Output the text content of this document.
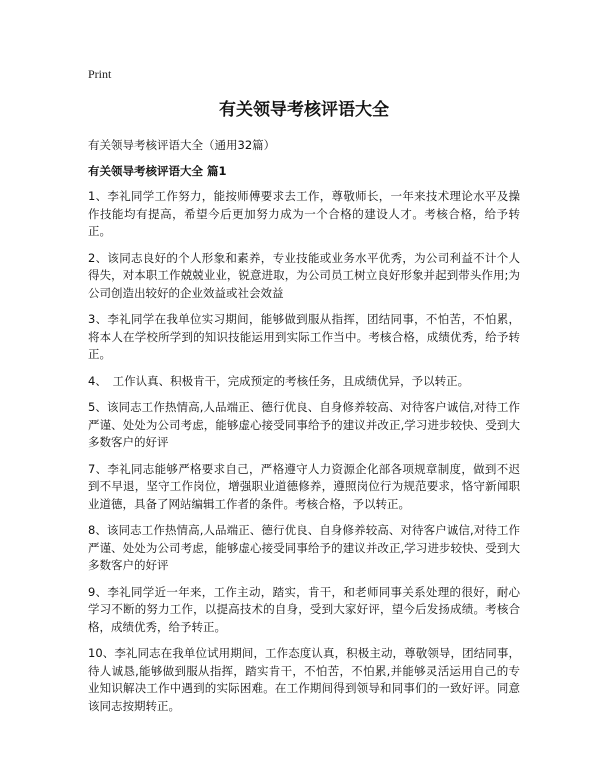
Print
有关领导考核评语大全
有关领导考核评语大全（通用32篇）
有关领导考核评语大全 篇1

1、李礼同学工作努力，能按师傅要求去工作，尊敬师长，一年来技术理论水平及操作技能均有提高，希望今后更加努力成为一个合格的建设人才。考核合格，给予转正。

2、该同志良好的个人形象和素养，专业技能或业务水平优秀，为公司利益不计个人得失，对本职工作兢兢业业，锐意进取，为公司员工树立良好形象并起到带头作用;为公司创造出较好的企业效益或社会效益

3、李礼同学在我单位实习期间，能够做到服从指挥，团结同事，不怕苦，不怕累，将本人在学校所学到的知识技能运用到实际工作当中。考核合格，成绩优秀，给予转正。

4、　工作认真、积极肯干，完成预定的考核任务，且成绩优异，予以转正。

5、该同志工作热情高,人品端正、德行优良、自身修养较高、对待客户诚信,对待工作严谨、处处为公司考虑，能够虚心接受同事给予的建议并改正,学习进步较快、受到大多数客户的好评

7、李礼同志能够严格要求自己，严格遵守人力资源企化部各项规章制度，做到不迟到不早退，坚守工作岗位，增强职业道德修养，遵照岗位行为规范要求，恪守新闻职业道德，具备了网站编辑工作者的条件。考核合格，予以转正。

8、该同志工作热情高,人品端正、德行优良、自身修养较高、对待客户诚信,对待工作严谨、处处为公司考虑，能够虚心接受同事给予的建议并改正,学习进步较快、受到大多数客户的好评

9、李礼同学近一年来，工作主动，踏实，肯干，和老师同事关系处理的很好，耐心学习不断的努力工作，以提高技术的自身，受到大家好评，望今后发扬成绩。考核合格，成绩优秀，给予转正。

10、李礼同志在我单位试用期间，工作态度认真，积极主动，尊敬领导，团结同事，待人诚恳,能够做到服从指挥，踏实肯干，不怕苦，不怕累,并能够灵活运用自己的专业知识解决工作中遇到的实际困难。在工作期间得到领导和同事们的一致好评。同意该同志按期转正。
